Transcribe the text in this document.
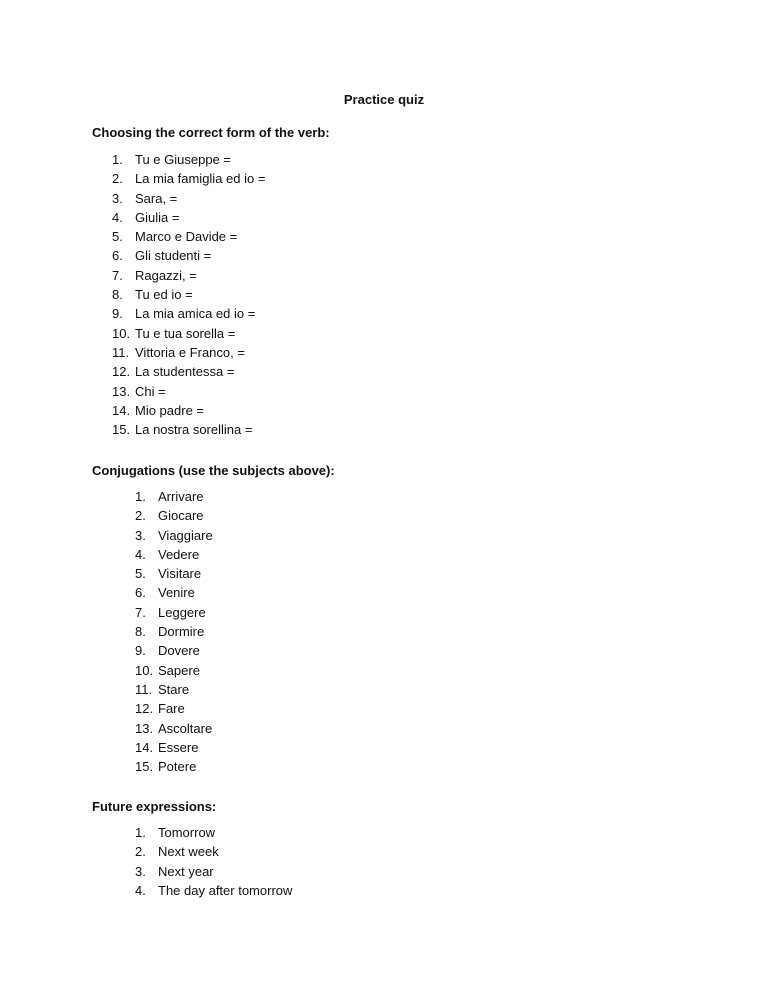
Practice quiz
Choosing the correct form of the verb:
1. Tu e Giuseppe =
2. La mia famiglia ed io =
3. Sara, =
4. Giulia =
5. Marco e Davide =
6. Gli studenti =
7. Ragazzi, =
8. Tu ed io =
9. La mia amica ed io =
10. Tu e tua sorella =
11. Vittoria e Franco, =
12. La studentessa =
13. Chi =
14. Mio padre =
15. La nostra sorellina =
Conjugations (use the subjects above):
1. Arrivare
2. Giocare
3. Viaggiare
4. Vedere
5. Visitare
6. Venire
7. Leggere
8. Dormire
9. Dovere
10. Sapere
11. Stare
12. Fare
13. Ascoltare
14. Essere
15. Potere
Future expressions:
1. Tomorrow
2. Next week
3. Next year
4. The day after tomorrow
